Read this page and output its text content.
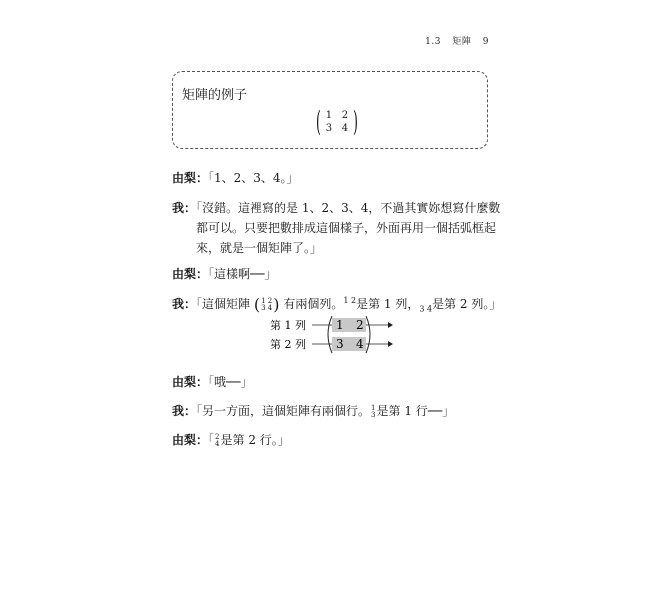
1.3 矩陣 9
矩陣的例子
( 1 2
3 4 )
由梨：「1、2、3、4。」
我：「沒錯。這裡寫的是 1、2、3、4，不過其實妳想寫什麼數
都可以。只要把數排成這個樣子，外面再用一個括弧框起
來，就是一個矩陣了。」
由梨：「這樣啊──」
我：「這個矩陣 ( 1 2
3 4 ) 有兩個列。$^{1 2}$是第 1 列，$_{3 4}$是第 2 列。」
第 1 列
第 2 列
1 2
3 4
由梨：「哦──」
我：「另一方面，這個矩陣有兩個行。 1
3 是第 1 行──」
由梨：「 2
4 是第 2 行。」
